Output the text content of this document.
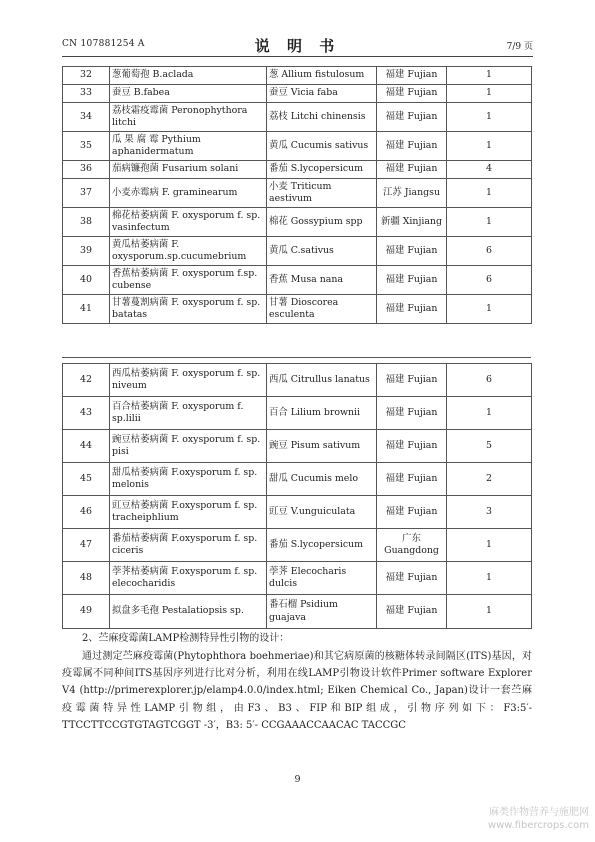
CN 107881254 A	说 明 书	7/9 页
32	葱葡萄孢 B.aclada	葱 Allium fistulosum	福建 Fujian	1
33	蚕豆 B.fabea	蚕豆 Vicia faba	福建 Fujian	1
34	荔枝霜疫霉菌 Peronophythora litchi	荔枝 Litchi chinensis	福建 Fujian	1
35	瓜 果 腐 霉 Pythium aphanidermatum	黄瓜 Cucumis sativus	福建 Fujian	1
36	茄病镰孢菌 Fusarium solani	番茄 S.lycopersicum	福建 Fujian	4
37	小麦赤霉病 F. graminearum	小麦 Triticum aestivum	江苏 Jiangsu	1
38	棉花枯萎病菌 F. oxysporum f. sp. vasinfectum	棉花 Gossypium spp	新疆 Xinjiang	1
39	黄瓜枯萎病菌 F. oxysporum.sp.cucumebrium	黄瓜 C.sativus	福建 Fujian	6
40	香蕉枯萎病菌 F. oxysporum f.sp. cubense	香蕉 Musa nana	福建 Fujian	6
41	甘薯蔓割病菌 F. oxysporum f. sp. batatas	甘薯 Dioscorea esculenta	福建 Fujian	1
42	西瓜枯萎病菌 F. oxysporum f. sp. niveum	西瓜 Citrullus lanatus	福建 Fujian	6
43	百合枯萎病菌 F. oxysporum f. sp.lilii	百合 Lilium brownii	福建 Fujian	1
44	豌豆枯萎病菌 F. oxysporum f. sp. pisi	豌豆 Pisum sativum	福建 Fujian	5
45	甜瓜枯萎病菌 F.oxysporum f. sp. melonis	甜瓜 Cucumis melo	福建 Fujian	2
46	豇豆枯萎病菌 F.oxysporum f. sp. tracheiphlium	豇豆 V.unguiculata	福建 Fujian	3
47	番茄枯萎病菌 F.oxysporum f. sp. ciceris	番茄 S.lycopersicum	广东 Guangdong	1
48	荸荠枯萎病菌 F.oxysporum f. sp. elecocharidis	荸荠 Elecocharis dulcis	福建 Fujian	1
49	拟盘多毛孢 Pestalatiopsis sp.	番石榴 Psidium guajava	福建 Fujian	1
2、苎麻疫霉菌LAMP检测特异性引物的设计：
通过测定苎麻疫霉菌(Phytophthora boehmeriae)和其它病原菌的核糖体转录间隔区(ITS)基因，对疫霉属不同种间ITS基因序列进行比对分析，利用在线LAMP引物设计软件Primer software Explorer V4 (http://primerexplorer.jp/elamp4.0.0/index.html; Eiken Chemical Co., Japan)设计一套苎麻疫霉菌特异性LAMP引物组，由F3、B3、FIP和BIP组成，引物序列如下：F3:5′- TTCCTTCCGTGTAGTCGGT -3′，B3: 5′- CCGAAACCAACAC TACCGC
9
麻类作物营养与施肥网
www.fibercrops.com
